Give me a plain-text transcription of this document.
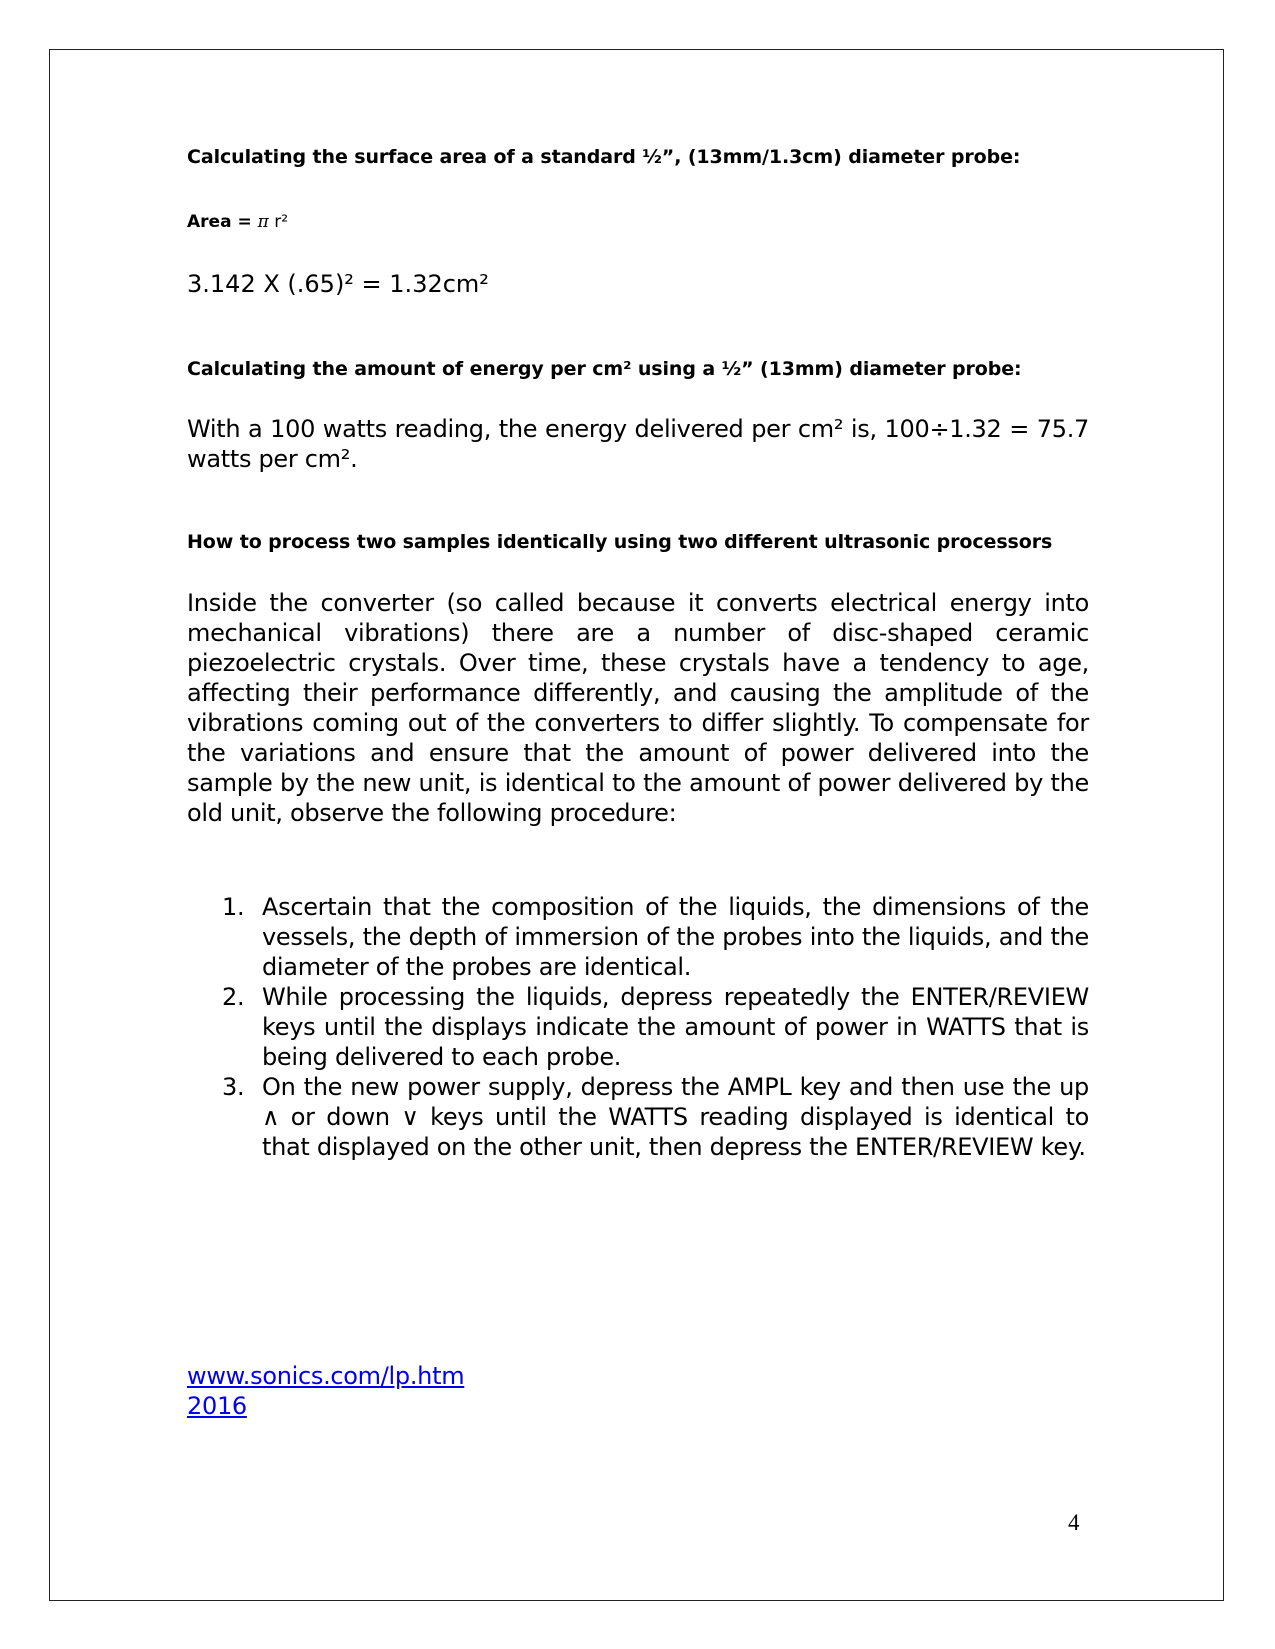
Calculating the surface area of a standard ½”, (13mm/1.3cm) diameter probe:
Area = π r²
3.142 X (.65)² = 1.32cm²
Calculating the amount of energy per cm² using a ½” (13mm) diameter probe:
With a 100 watts reading, the energy delivered per cm² is, 100÷1.32 = 75.7 watts per cm².
How to process two samples identically using two different ultrasonic processors
Inside the converter (so called because it converts electrical energy into mechanical vibrations) there are a number of disc-shaped ceramic piezoelectric crystals. Over time, these crystals have a tendency to age, affecting their performance differently, and causing the amplitude of the vibrations coming out of the converters to differ slightly. To compensate for the variations and ensure that the amount of power delivered into the sample by the new unit, is identical to the amount of power delivered by the old unit, observe the following procedure:
1. Ascertain that the composition of the liquids, the dimensions of the vessels, the depth of immersion of the probes into the liquids, and the diameter of the probes are identical.
2. While processing the liquids, depress repeatedly the ENTER/REVIEW keys until the displays indicate the amount of power in WATTS that is being delivered to each probe.
3. On the new power supply, depress the AMPL key and then use the up ∧ or down ∨ keys until the WATTS reading displayed is identical to that displayed on the other unit, then depress the ENTER/REVIEW key.
www.sonics.com/lp.htm
2016
4
